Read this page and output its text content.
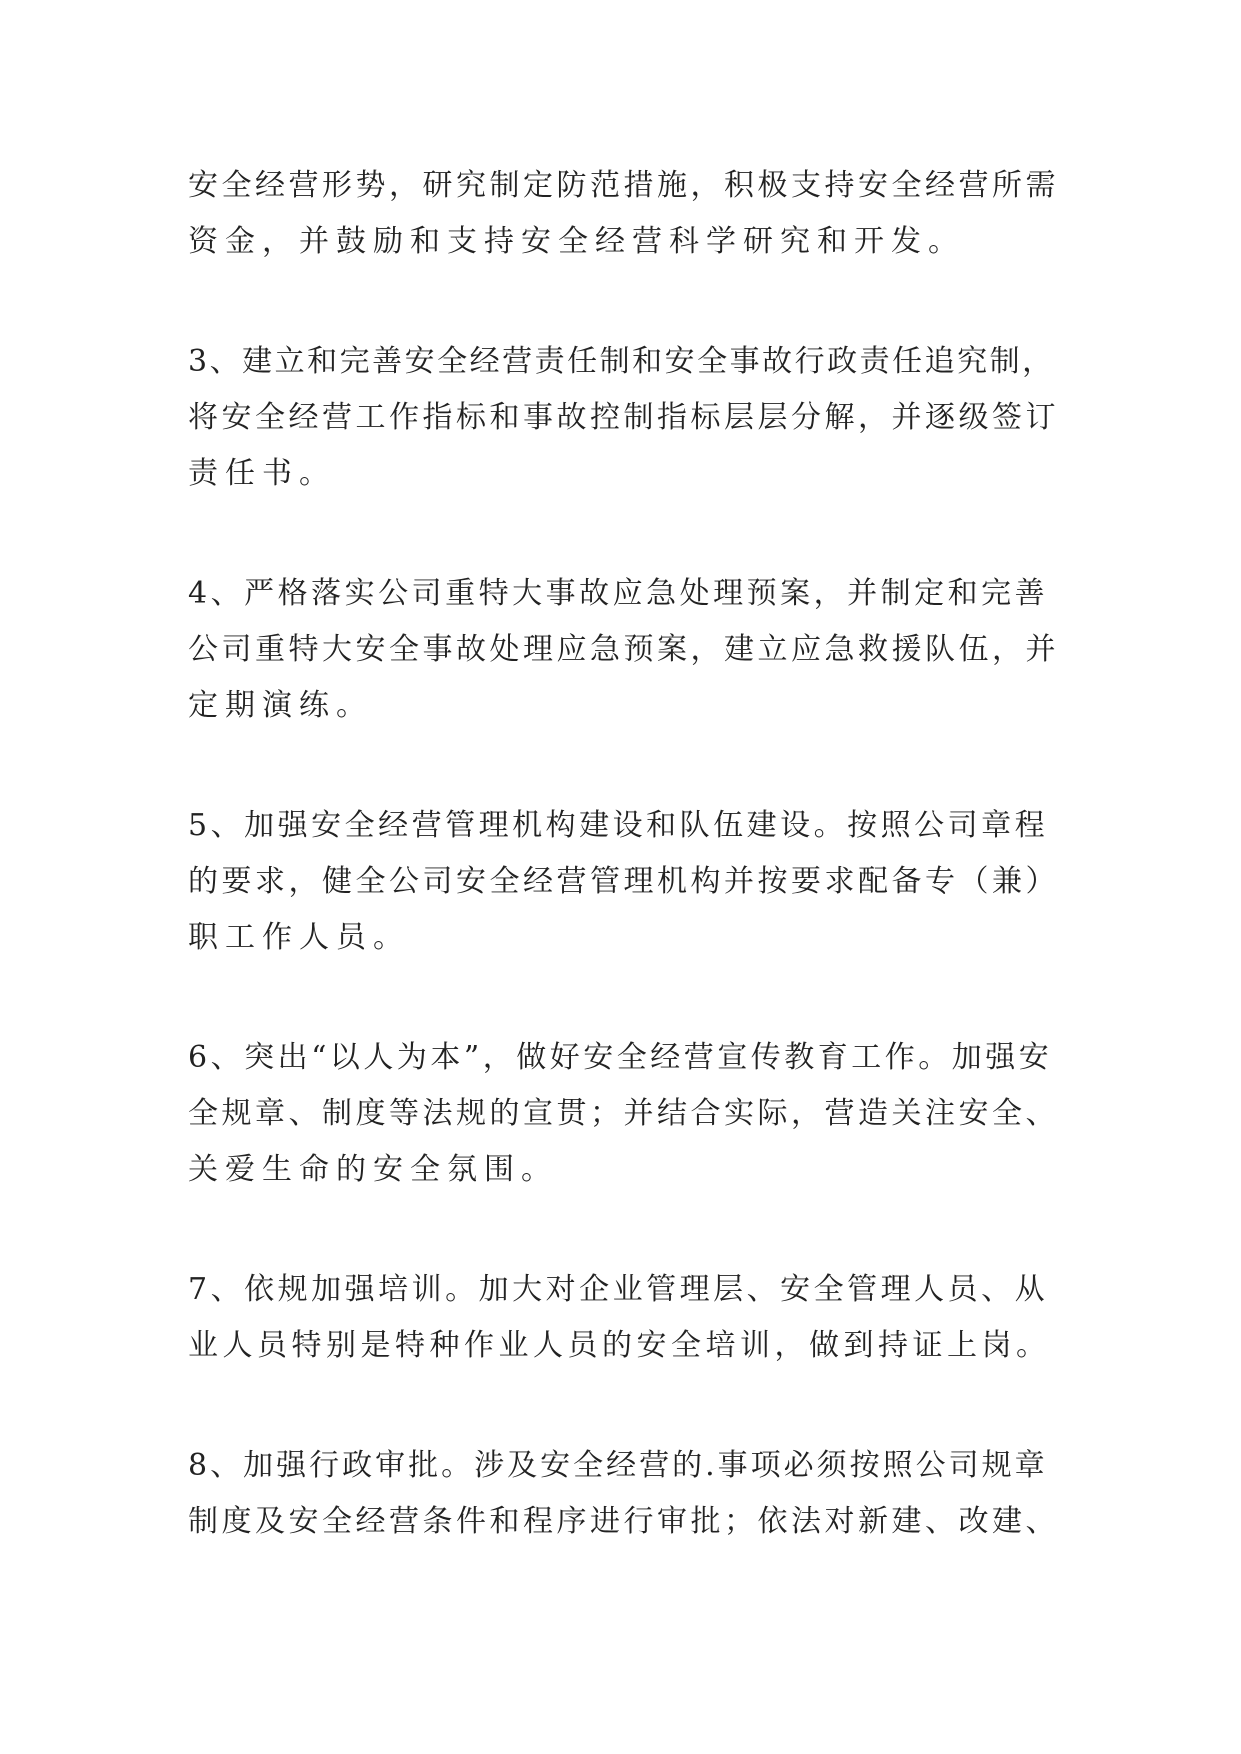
安全经营形势，研究制定防范措施，积极支持安全经营所需
资金，并鼓励和支持安全经营科学研究和开发。
3、建立和完善安全经营责任制和安全事故行政责任追究制，
将安全经营工作指标和事故控制指标层层分解，并逐级签订
责任书。
4、严格落实公司重特大事故应急处理预案，并制定和完善
公司重特大安全事故处理应急预案，建立应急救援队伍，并
定期演练。
5、加强安全经营管理机构建设和队伍建设。按照公司章程
的要求，健全公司安全经营管理机构并按要求配备专（兼）
职工作人员。
6、突出“以人为本”，做好安全经营宣传教育工作。加强安
全规章、制度等法规的宣贯；并结合实际，营造关注安全、
关爱生命的安全氛围。
7、依规加强培训。加大对企业管理层、安全管理人员、从
业人员特别是特种作业人员的安全培训，做到持证上岗。
8、加强行政审批。涉及安全经营的.事项必须按照公司规章
制度及安全经营条件和程序进行审批；依法对新建、改建、
